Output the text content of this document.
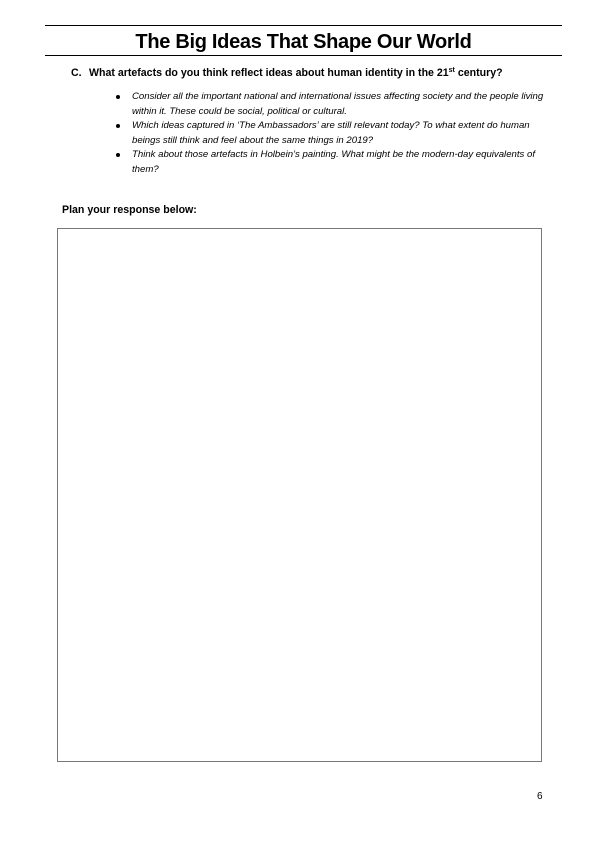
The Big Ideas That Shape Our World
C. What artefacts do you think reflect ideas about human identity in the 21st century?
Consider all the important national and international issues affecting society and the people living within it. These could be social, political or cultural.
Which ideas captured in ‘The Ambassadors’ are still relevant today? To what extent do human beings still think and feel about the same things in 2019?
Think about those artefacts in Holbein’s painting. What might be the modern-day equivalents of them?
Plan your response below:
6
